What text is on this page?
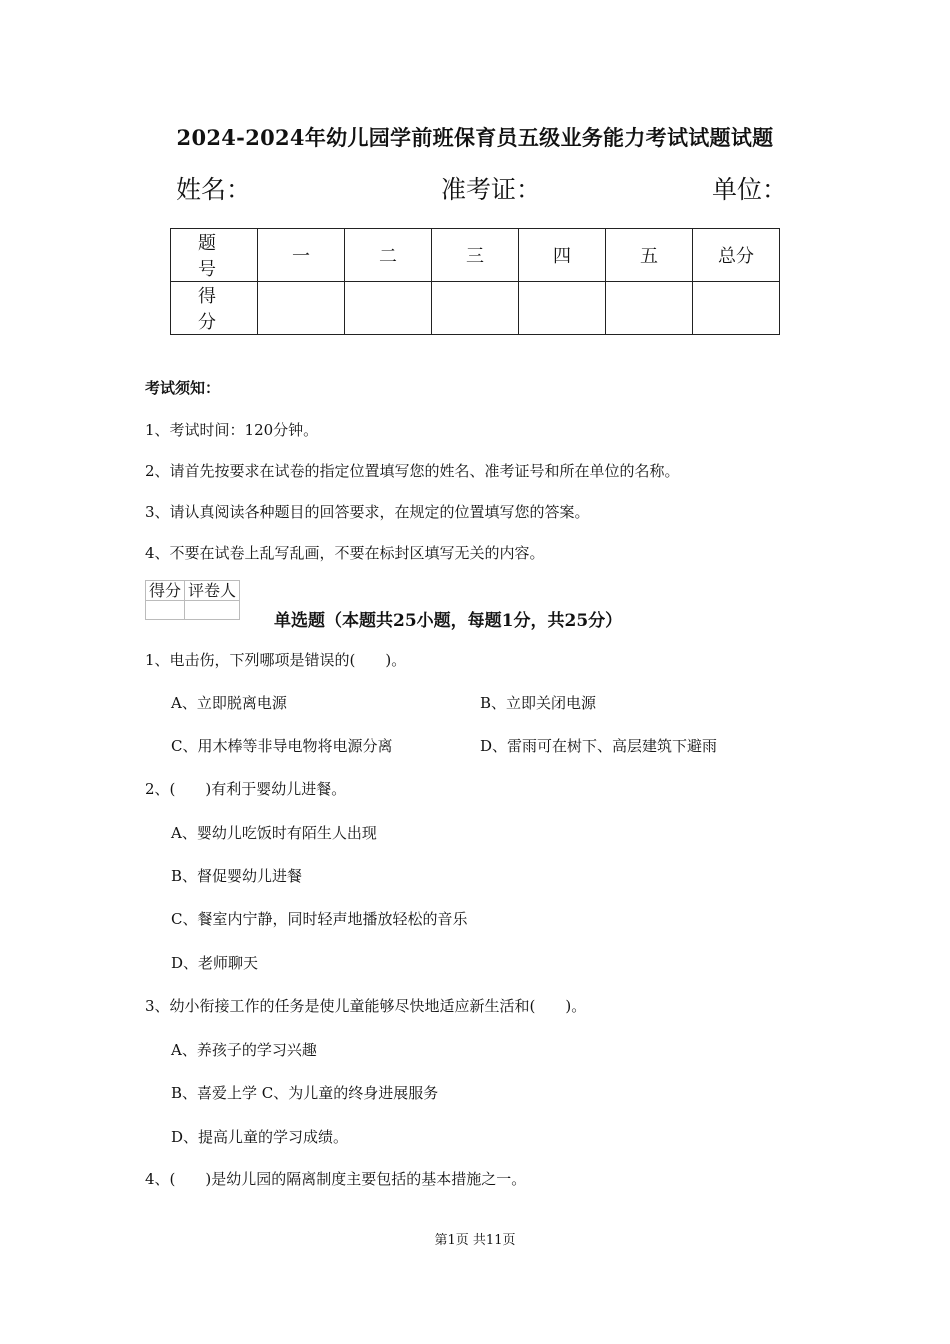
2024-2024年幼儿园学前班保育员五级业务能力考试试题试题
姓名：	准考证：	单位：
题　号	一	二	三	四	五	总分
得　分						
考试须知：
1、考试时间：120分钟。
2、请首先按要求在试卷的指定位置填写您的姓名、准考证号和所在单位的名称。
3、请认真阅读各种题目的回答要求，在规定的位置填写您的答案。
4、不要在试卷上乱写乱画，不要在标封区填写无关的内容。
得分	评卷人

单选题（本题共25小题，每题1分，共25分）
1、电击伤，下列哪项是错误的(　　)。
A、立即脱离电源	B、立即关闭电源
C、用木棒等非导电物将电源分离	D、雷雨可在树下、高层建筑下避雨
2、(　　)有利于婴幼儿进餐。
A、婴幼儿吃饭时有陌生人出现
B、督促婴幼儿进餐
C、餐室内宁静，同时轻声地播放轻松的音乐
D、老师聊天
3、幼小衔接工作的任务是使儿童能够尽快地适应新生活和(　　)。
A、养孩子的学习兴趣
B、喜爱上学 C、为儿童的终身进展服务
D、提高儿童的学习成绩。
4、(　　)是幼儿园的隔离制度主要包括的基本措施之一。
第1页 共11页
